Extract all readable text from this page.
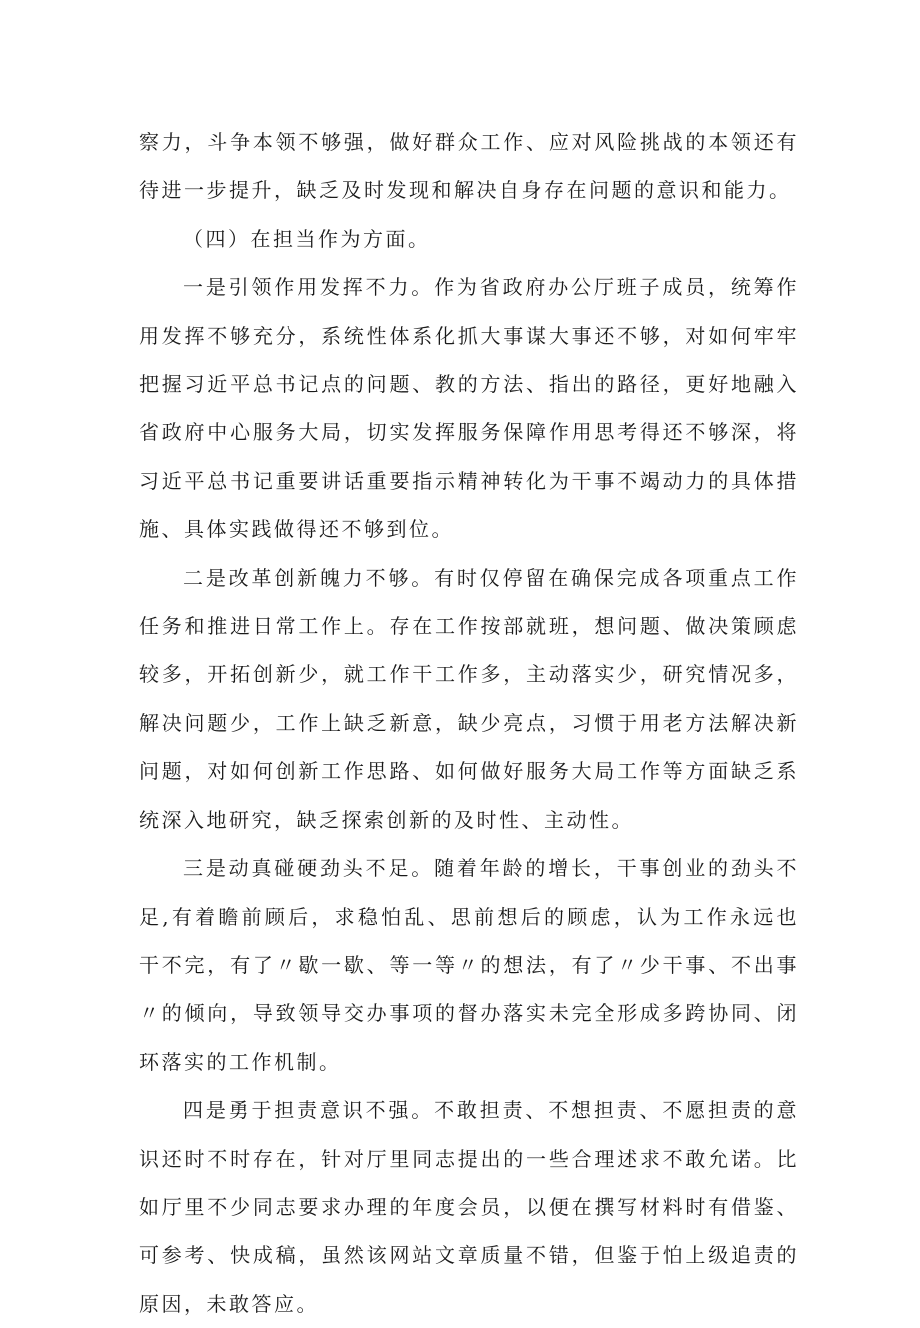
察力，斗争本领不够强，做好群众工作、应对风险挑战的本领还有待进一步提升，缺乏及时发现和解决自身存在问题的意识和能力。

（四）在担当作为方面。

一是引领作用发挥不力。作为省政府办公厅班子成员，统筹作用发挥不够充分，系统性体系化抓大事谋大事还不够，对如何牢牢把握习近平总书记点的问题、教的方法、指出的路径，更好地融入省政府中心服务大局，切实发挥服务保障作用思考得还不够深，将习近平总书记重要讲话重要指示精神转化为干事不竭动力的具体措施、具体实践做得还不够到位。

二是改革创新魄力不够。有时仅停留在确保完成各项重点工作任务和推进日常工作上。存在工作按部就班，想问题、做决策顾虑较多，开拓创新少，就工作干工作多，主动落实少，研究情况多，解决问题少，工作上缺乏新意，缺少亮点，习惯于用老方法解决新问题，对如何创新工作思路、如何做好服务大局工作等方面缺乏系统深入地研究，缺乏探索创新的及时性、主动性。

三是动真碰硬劲头不足。随着年龄的增长，干事创业的劲头不足,有着瞻前顾后，求稳怕乱、思前想后的顾虑，认为工作永远也干不完，有了〃歇一歇、等一等〃的想法，有了〃少干事、不出事〃的倾向，导致领导交办事项的督办落实未完全形成多跨协同、闭环落实的工作机制。

四是勇于担责意识不强。不敢担责、不想担责、不愿担责的意识还时不时存在，针对厅里同志提出的一些合理述求不敢允诺。比如厅里不少同志要求办理的年度会员，以便在撰写材料时有借鉴、可参考、快成稿，虽然该网站文章质量不错，但鉴于怕上级追责的原因，未敢答应。
